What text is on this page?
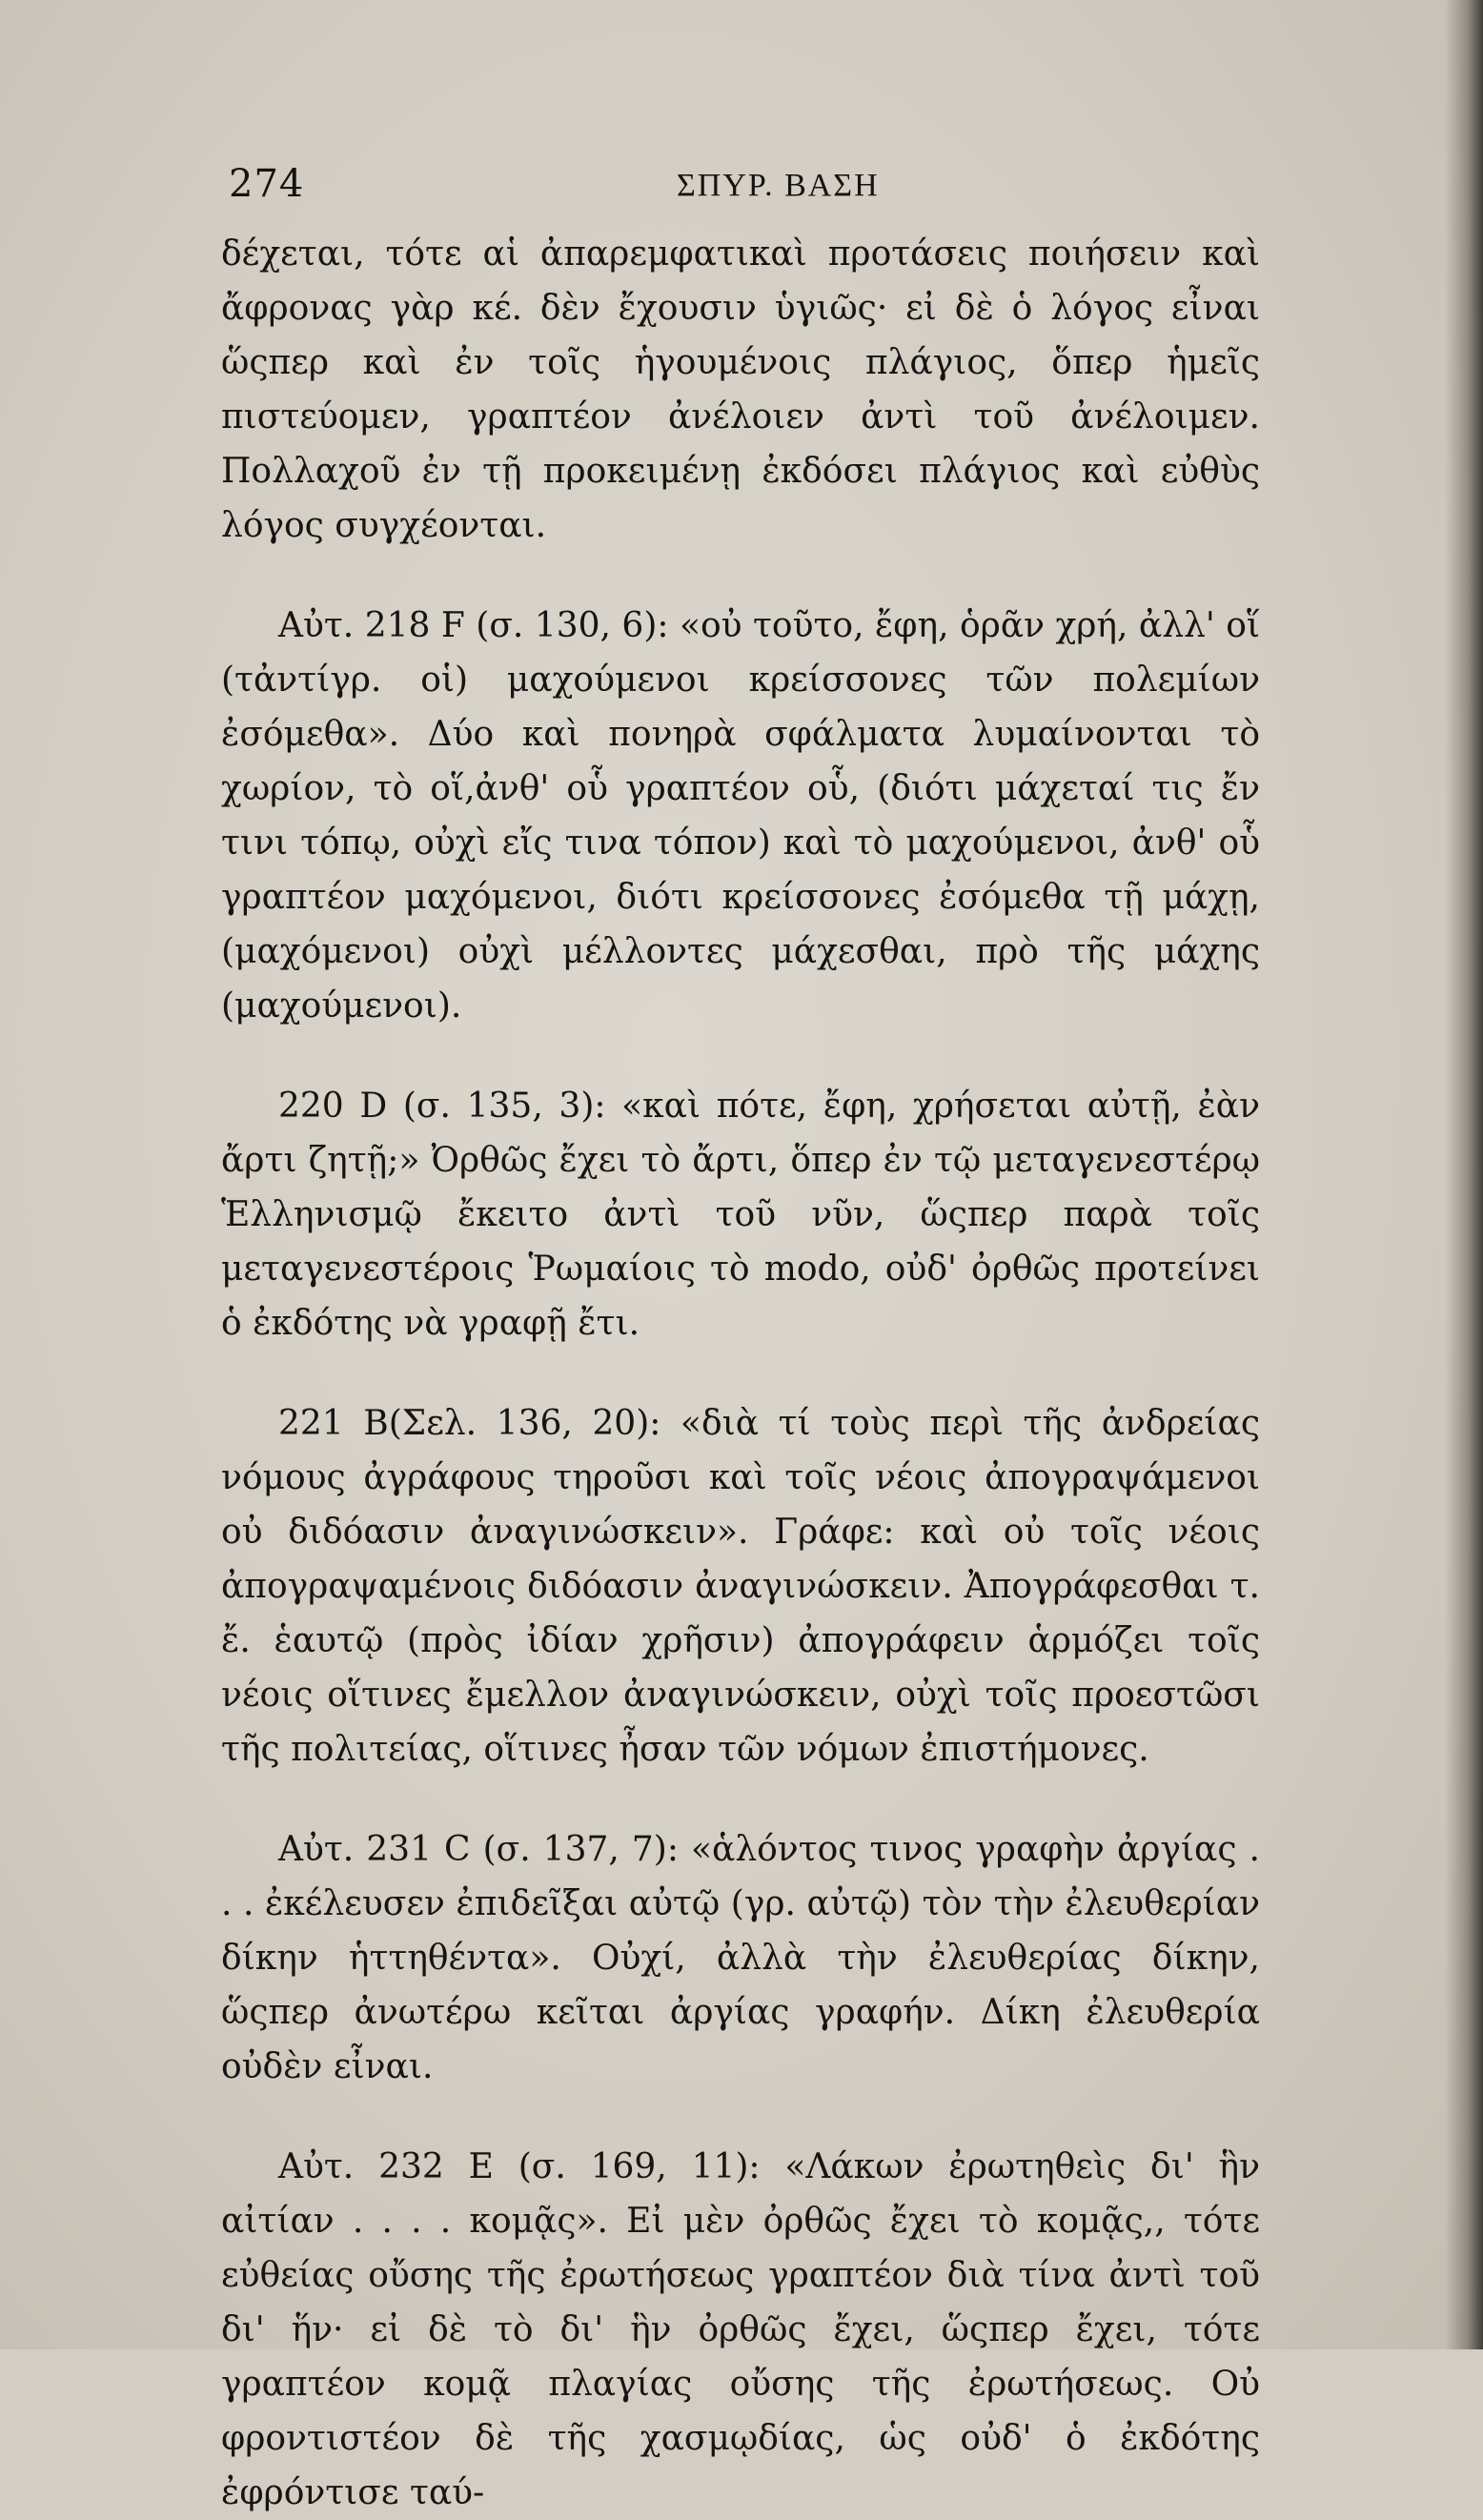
274	ΣΠΥΡ. ΒΑΣΗ

δέχεται, τότε αἱ ἀπαρεμφατικαὶ προτάσεις ποιήσειν καὶ ἄφρονας γὰρ κέ. δὲν ἔχουσιν ὑγιῶς· εἰ δὲ ὁ λόγος εἶναι ὥςπερ καὶ ἐν τοῖς ἡγουμένοις πλάγιος, ὅπερ ἡμεῖς πιστεύομεν, γραπτέον ἀνέλοιεν ἀντὶ τοῦ ἀνέλοιμεν. Πολλαχοῦ ἐν τῇ προκειμένῃ ἐκδόσει πλάγιος καὶ εὐθὺς λόγος συγχέονται.

Αὐτ. 218 F (σ. 130, 6): «οὐ τοῦτο, ἔφη, ὁρᾶν χρή, ἀλλ' οἵ (τἀντίγρ. οἱ) μαχούμενοι κρείσσονες τῶν πολεμίων ἐσόμεθα». Δύο καὶ πονηρὰ σφάλματα λυμαίνονται τὸ χωρίον, τὸ οἵ,ἀνθ' οὗ γραπτέον οὗ, (διότι μάχεταί τις ἔν τινι τόπῳ, οὐχὶ εἴς τινα τόπον) καὶ τὸ μαχούμενοι, ἀνθ' οὗ γραπτέον μαχόμενοι, διότι κρείσσονες ἐσόμεθα τῇ μάχῃ, (μαχόμενοι) οὐχὶ μέλλοντες μάχεσθαι, πρὸ τῆς μάχης (μαχούμενοι).

220 D (σ. 135, 3): «καὶ πότε, ἔφη, χρήσεται αὐτῇ, ἐὰν ἄρτι ζητῇ;» Ὀρθῶς ἔχει τὸ ἄρτι, ὅπερ ἐν τῷ μεταγενεστέρῳ Ἑλληνισμῷ ἔκειτο ἀντὶ τοῦ νῦν, ὥςπερ παρὰ τοῖς μεταγενεστέροις Ῥωμαίοις τὸ modo, οὐδ' ὀρθῶς προτείνει ὁ ἐκδότης νὰ γραφῇ ἔτι.

221 B(Σελ. 136, 20): «διὰ τί τοὺς περὶ τῆς ἀνδρείας νόμους ἀγράφους τηροῦσι καὶ τοῖς νέοις ἀπογραψάμενοι οὐ διδόασιν ἀναγινώσκειν». Γράφε: καὶ οὐ τοῖς νέοις ἀπογραψαμένοις διδόασιν ἀναγινώσκειν. Ἀπογράφεσθαι τ. ἔ. ἑαυτῷ (πρὸς ἰδίαν χρῆσιν) ἀπογράφειν ἁρμόζει τοῖς νέοις οἵτινες ἔμελλον ἀναγινώσκειν, οὐχὶ τοῖς προεστῶσι τῆς πολιτείας, οἵτινες ἦσαν τῶν νόμων ἐπιστήμονες.

Αὐτ. 231 C (σ. 137, 7): «ἁλόντος τινος γραφὴν ἀργίας . . . ἐκέλευσεν ἐπιδεῖξαι αὐτῷ (γρ. αὐτῷ) τὸν τὴν ἐλευθερίαν δίκην ἡττηθέντα». Οὐχί, ἀλλὰ τὴν ἐλευθερίας δίκην, ὥςπερ ἀνωτέρω κεῖται ἀργίας γραφήν. Δίκη ἐλευθερία οὐδὲν εἶναι.

Αὐτ. 232 E (σ. 169, 11): «Λάκων ἐρωτηθεὶς δι' ἣν αἰτίαν . . . . κομᾷς». Εἰ μὲν ὀρθῶς ἔχει τὸ κομᾷς,, τότε εὐθείας οὔσης τῆς ἐρωτήσεως γραπτέον διὰ τίνα ἀντὶ τοῦ δι' ἥν· εἰ δὲ τὸ δι' ἣν ὀρθῶς ἔχει, ὥςπερ ἔχει, τότε γραπτέον κομᾷ πλαγίας οὔσης τῆς ἐρωτήσεως. Οὐ φροντιστέον δὲ τῆς χασμῳδίας, ὡς οὐδ' ὁ ἐκδότης ἐφρόντισε ταύ-
